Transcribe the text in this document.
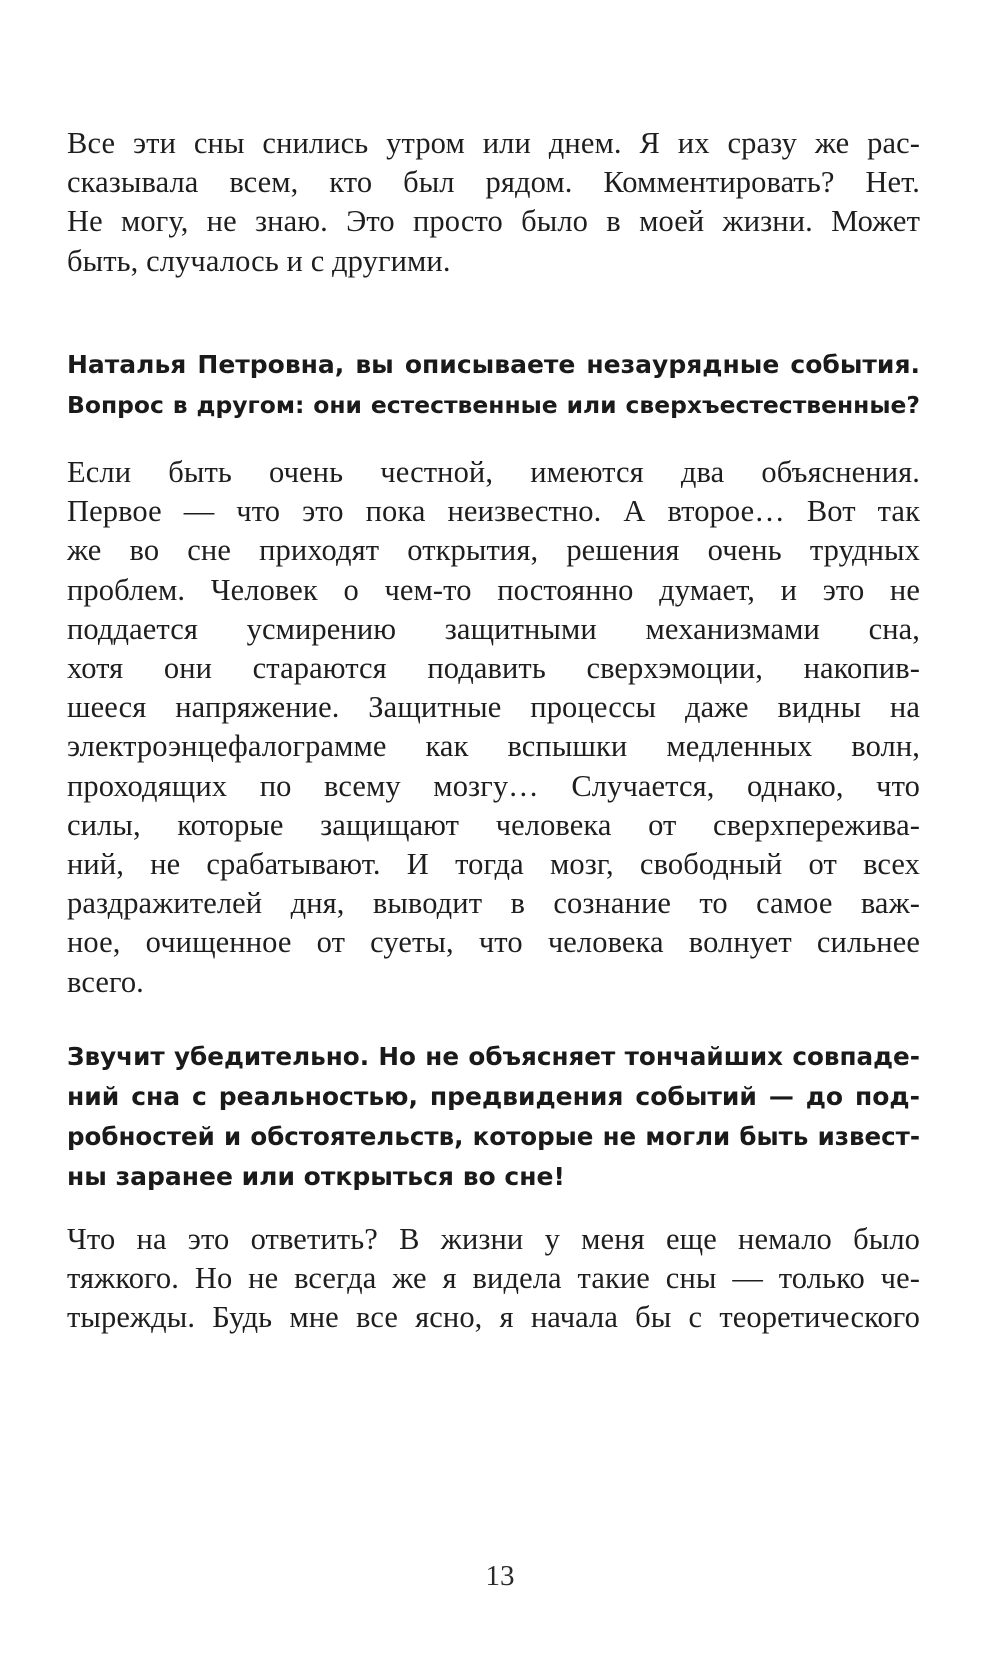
Все эти сны снились утром или днем. Я их сразу же рас-
сказывала всем, кто был рядом. Комментировать? Нет.
Не могу, не знаю. Это просто было в моей жизни. Может
быть, случалось и с другими.

Наталья Петровна, вы описываете незаурядные события.
Вопрос в другом: они естественные или сверхъестественные?

Если быть очень честной, имеются два объяснения.
Первое — что это пока неизвестно. А второе… Вот так
же во сне приходят открытия, решения очень трудных
проблем. Человек о чем-то постоянно думает, и это не
поддается усмирению защитными механизмами сна,
хотя они стараются подавить сверхэмоции, накопив-
шееся напряжение. Защитные процессы даже видны на
электроэнцефалограмме как вспышки медленных волн,
проходящих по всему мозгу… Случается, однако, что
силы, которые защищают человека от сверхпережива-
ний, не срабатывают. И тогда мозг, свободный от всех
раздражителей дня, выводит в сознание то самое важ-
ное, очищенное от суеты, что человека волнует сильнее
всего.

Звучит убедительно. Но не объясняет тончайших совпаде-
ний сна с реальностью, предвидения событий — до под-
робностей и обстоятельств, которые не могли быть извест-
ны заранее или открыться во сне!

Что на это ответить? В жизни у меня еще немало было
тяжкого. Но не всегда же я видела такие сны — только че-
тырежды. Будь мне все ясно, я начала бы с теоретического

13
